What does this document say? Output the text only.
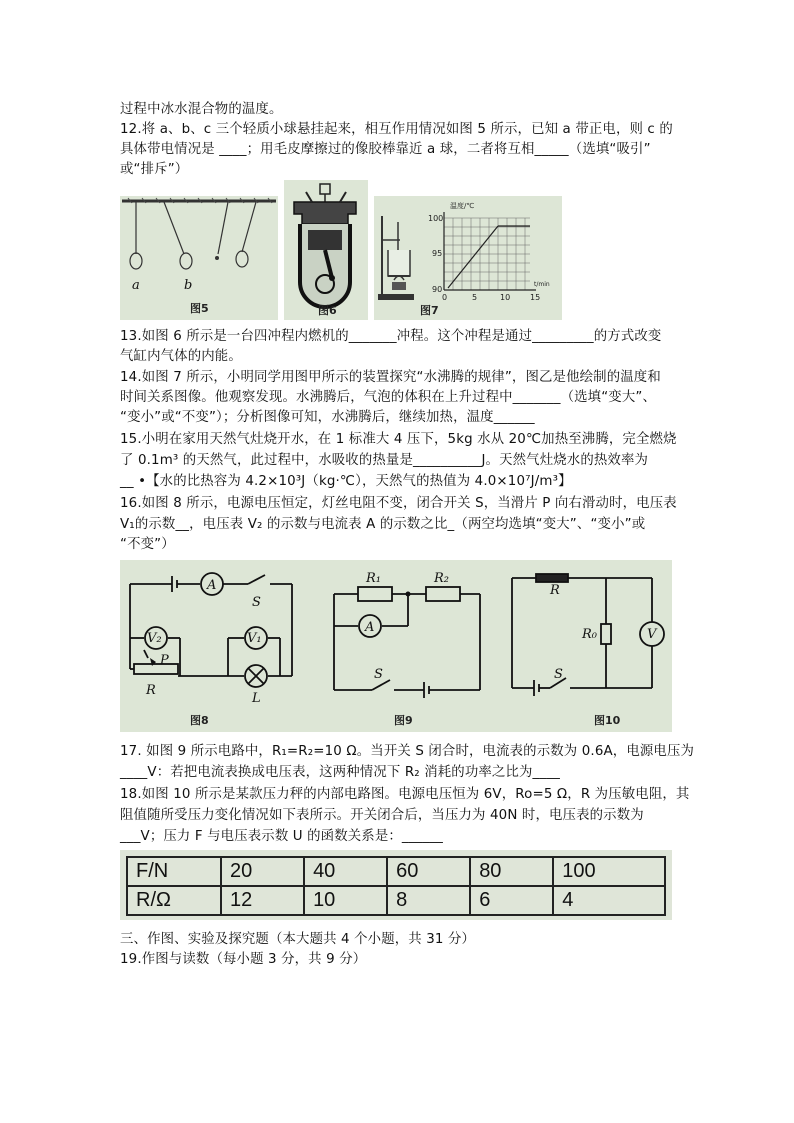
过程中冰水混合物的温度。
12.将 a、b、c 三个轻质小球悬挂起来，相互作用情况如图 5 所示，已知 a 带正电，则 c 的
具体带电情况是 ____；用毛皮摩擦过的像胶棒靠近 a 球，二者将互相_____（选填“吸引”
或“排斥”）
a	b
图5	图6
温度/℃
100
95
90
0	5	10 15
t/min
图7
13.如图 6 所示是一台四冲程内燃机的_______冲程。这个冲程是通过_________的方式改变
气缸内气体的内能。
14.如图 7 所示，小明同学用图甲所示的装置探究“水沸腾的规律”，图乙是他绘制的温度和
时间关系图像。他观察发现。水沸腾后，气泡的体积在上升过程中_______（选填“变大”、
“变小”或“不变”）；分析图像可知，水沸腾后，继续加热，温度______
15.小明在家用天然气灶烧开水，在 1 标准大 4 压下，5kg 水从 20℃加热至沸腾，完全燃烧
了 0.1m³ 的天然气，此过程中，水吸收的热量是__________J。天然气灶烧水的热效率为
__ •【水的比热容为 4.2×10³J（kg·℃），天然气的热值为 4.0×10⁷J/m³】
16.如图 8 所示，电源电压恒定，灯丝电阻不变，闭合开关 S，当滑片 P 向右滑动时，电压表
V₁的示数__，电压表 V₂ 的示数与电流表 A 的示数之比_（两空均选填“变大”、“变小”或
“不变”）
A
S
V₂	V₁
P
R
L
图8
R₁	R₂
A
S
图9
R
R₀	V
S
图10
17. 如图 9 所示电路中，R₁=R₂=10 Ω。当开关 S 闭合时，电流表的示数为 0.6A，电源电压为
____V：若把电流表换成电压表，这两种情况下 R₂ 消耗的功率之比为____
18.如图 10 所示是某款压力秤的内部电路图。电源电压恒为 6V，Ro=5 Ω，R 为压敏电阻，其
阻值随所受压力变化情况如下表所示。开关闭合后，当压力为 40N 时，电压表的示数为
___V；压力 F 与电压表示数 U 的函数关系是：______
F/N	20	40	60	80	100
R/Ω	12	10	8	6	4
三、作图、实验及探究题（本大题共 4 个小题，共 31 分）
19.作图与读数（每小题 3 分，共 9 分）
